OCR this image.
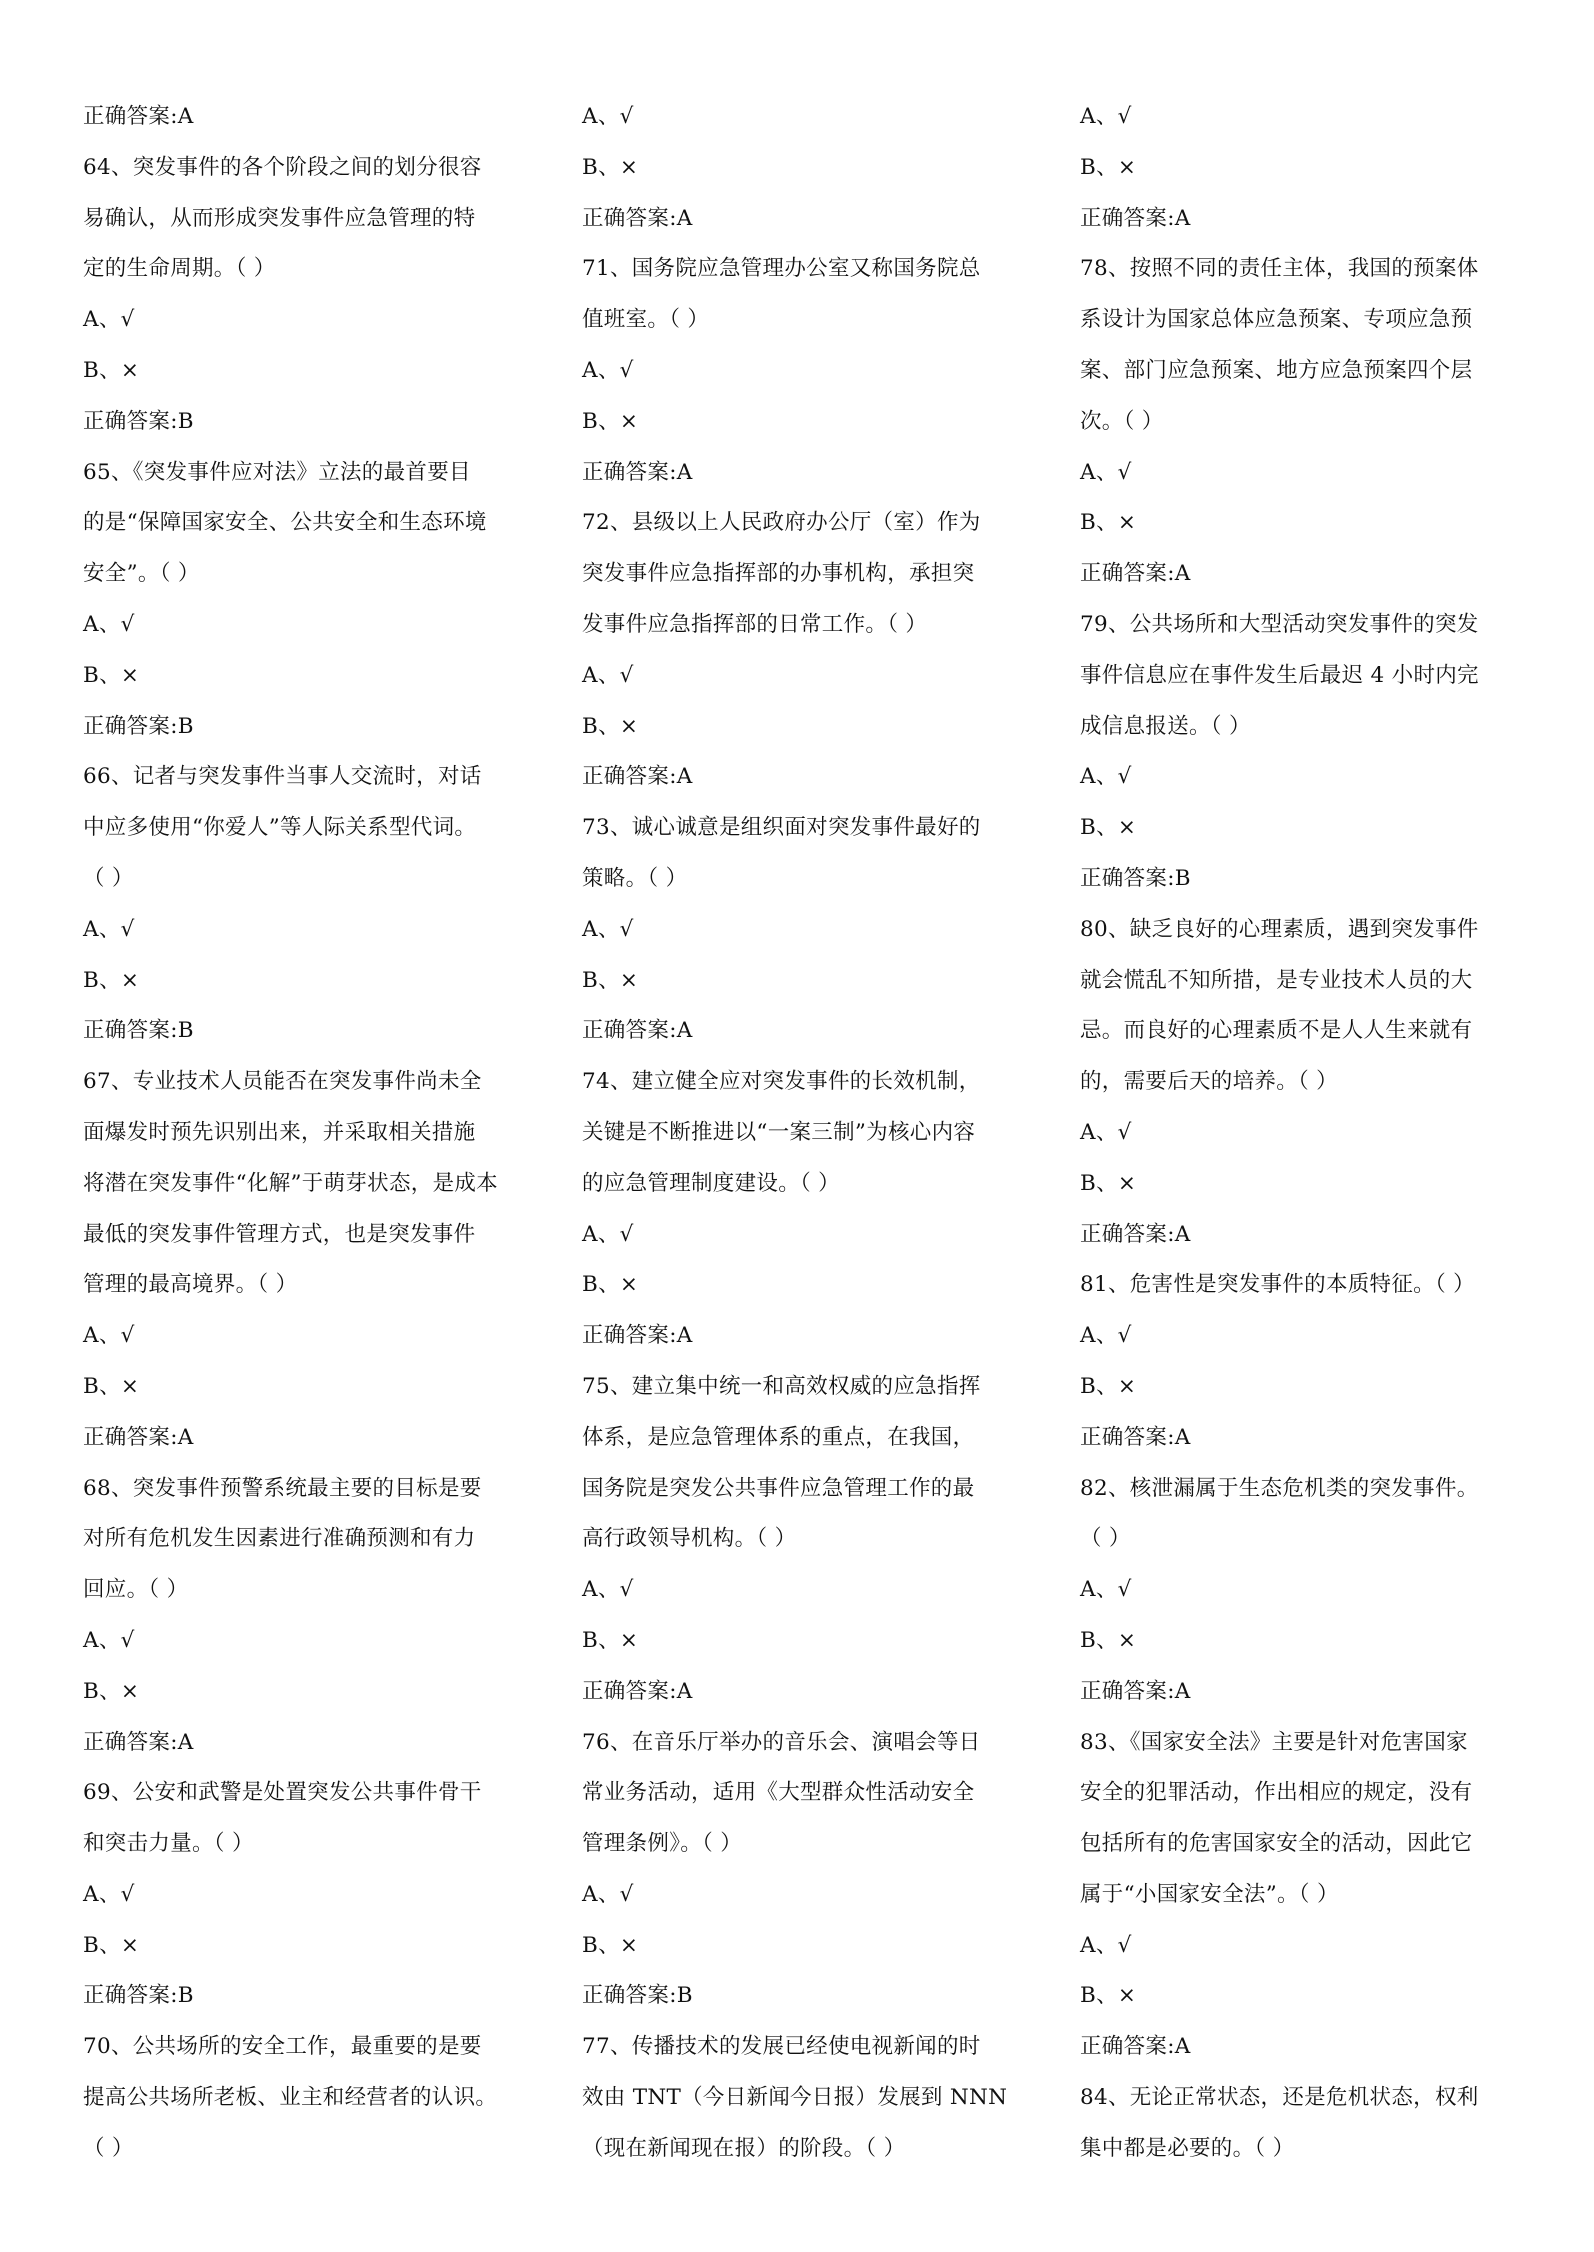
正确答案:A
64、突发事件的各个阶段之间的划分很容
易确认，从而形成突发事件应急管理的特
定的生命周期。（ ）
A、√
B、×
正确答案:B
65、《突发事件应对法》立法的最首要目
的是“保障国家安全、公共安全和生态环境
安全”。（ ）
A、√
B、×
正确答案:B
66、记者与突发事件当事人交流时，对话
中应多使用“你爱人”等人际关系型代词。
（ ）
A、√
B、×
正确答案:B
67、专业技术人员能否在突发事件尚未全
面爆发时预先识别出来，并采取相关措施
将潜在突发事件“化解”于萌芽状态，是成本
最低的突发事件管理方式，也是突发事件
管理的最高境界。（ ）
A、√
B、×
正确答案:A
68、突发事件预警系统最主要的目标是要
对所有危机发生因素进行准确预测和有力
回应。（ ）
A、√
B、×
正确答案:A
69、公安和武警是处置突发公共事件骨干
和突击力量。（ ）
A、√
B、×
正确答案:B
70、公共场所的安全工作，最重要的是要
提高公共场所老板、业主和经营者的认识。
（ ）
A、√
B、×
正确答案:A
71、国务院应急管理办公室又称国务院总
值班室。（ ）
A、√
B、×
正确答案:A
72、县级以上人民政府办公厅（室）作为
突发事件应急指挥部的办事机构，承担突
发事件应急指挥部的日常工作。（ ）
A、√
B、×
正确答案:A
73、诚心诚意是组织面对突发事件最好的
策略。（ ）
A、√
B、×
正确答案:A
74、建立健全应对突发事件的长效机制，
关键是不断推进以“一案三制”为核心内容
的应急管理制度建设。（ ）
A、√
B、×
正确答案:A
75、建立集中统一和高效权威的应急指挥
体系，是应急管理体系的重点，在我国，
国务院是突发公共事件应急管理工作的最
高行政领导机构。（ ）
A、√
B、×
正确答案:A
76、在音乐厅举办的音乐会、演唱会等日
常业务活动，适用《大型群众性活动安全
管理条例》。（ ）
A、√
B、×
正确答案:B
77、传播技术的发展已经使电视新闻的时
效由 TNT（今日新闻今日报）发展到 NNN
（现在新闻现在报）的阶段。（ ）
A、√
B、×
正确答案:A
78、按照不同的责任主体，我国的预案体
系设计为国家总体应急预案、专项应急预
案、部门应急预案、地方应急预案四个层
次。（ ）
A、√
B、×
正确答案:A
79、公共场所和大型活动突发事件的突发
事件信息应在事件发生后最迟 4 小时内完
成信息报送。（ ）
A、√
B、×
正确答案:B
80、缺乏良好的心理素质，遇到突发事件
就会慌乱不知所措，是专业技术人员的大
忌。而良好的心理素质不是人人生来就有
的，需要后天的培养。（ ）
A、√
B、×
正确答案:A
81、危害性是突发事件的本质特征。（ ）
A、√
B、×
正确答案:A
82、核泄漏属于生态危机类的突发事件。
（ ）
A、√
B、×
正确答案:A
83、《国家安全法》主要是针对危害国家
安全的犯罪活动，作出相应的规定，没有
包括所有的危害国家安全的活动，因此它
属于“小国家安全法”。（ ）
A、√
B、×
正确答案:A
84、无论正常状态，还是危机状态，权利
集中都是必要的。（ ）
